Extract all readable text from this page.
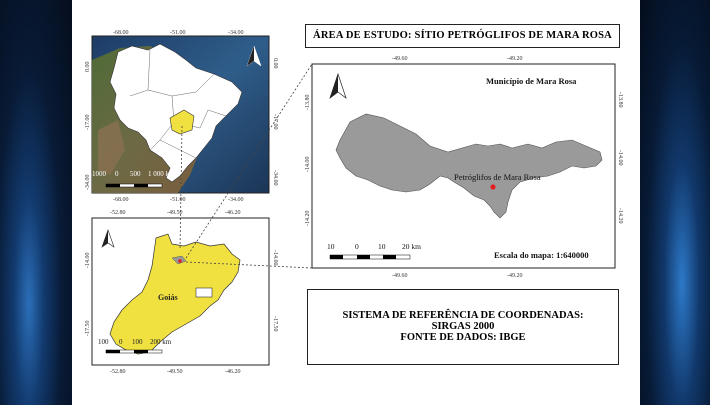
ÁREA DE ESTUDO: SÍTIO PETRÓGLIFOS DE MARA ROSA
1000 0 500 1 000 km
-68.00	-51.00	-34.00
-68.00	-51.00	-34.00
0.00
-17.00
-34.00
0.00
-17.00
-34.00
Goiás
100 0 100 200 km
-52.80	-49.50	-46.20
-52.80	-49.50	-46.20
-14.00
-17.50
-14.00
-17.50
Petróglifos de Mara Rosa
Município de Mara Rosa
10	0	10 20 km
Escala do mapa: 1:640000
-49.60	-49.20
-49.60	-49.20
-13.80
-14.00
-14.20
-13.80
-14.00
-14.20
SISTEMA DE REFERÊNCIA DE COORDENADAS:
SIRGAS 2000
FONTE DE DADOS: IBGE
